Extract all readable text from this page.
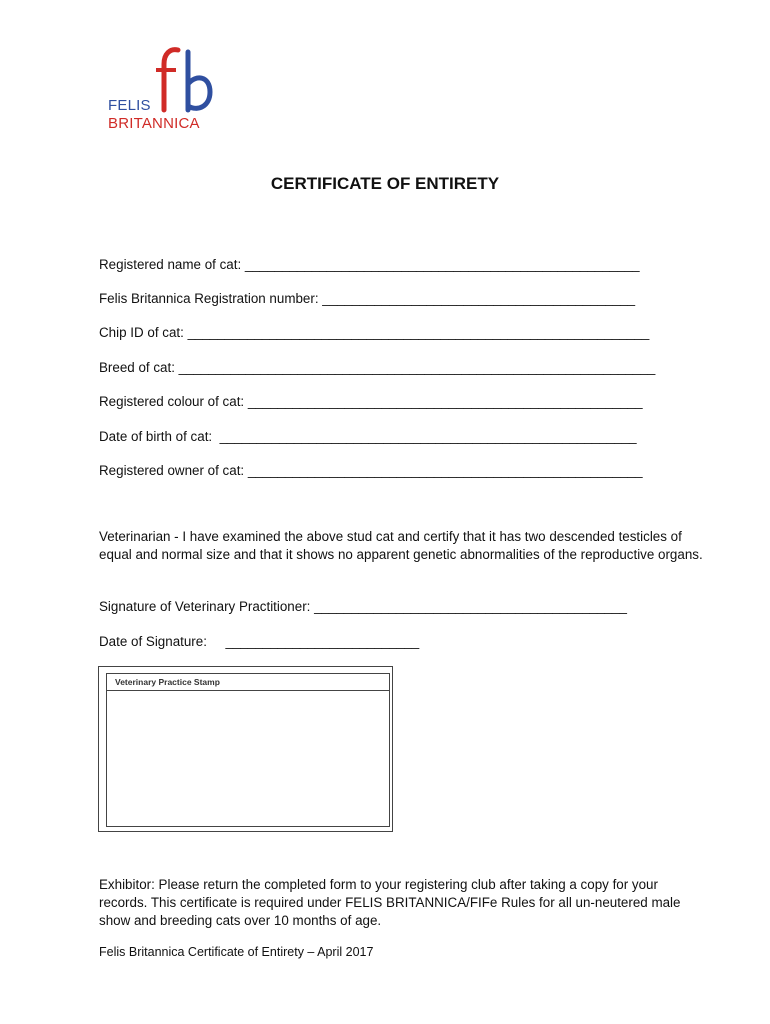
FELIS
BRITANNICA
CERTIFICATE OF ENTIRETY
Registered name of cat: _____________________________________________________
Felis Britannica Registration number: __________________________________________
Chip ID of cat: ______________________________________________________________
Breed of cat: ________________________________________________________________
Registered colour of cat: _____________________________________________________
Date of birth of cat:  ________________________________________________________
Registered owner of cat: _____________________________________________________
Veterinarian - I have examined the above stud cat and certify that it has two descended testicles of equal and normal size and that it shows no apparent genetic abnormalities of the reproductive organs.
Signature of Veterinary Practitioner: __________________________________________
Date of Signature:     __________________________
Veterinary Practice Stamp
Exhibitor: Please return the completed form to your registering club after taking a copy for your records. This certificate is required under FELIS BRITANNICA/FIFe Rules for all un-neutered male show and breeding cats over 10 months of age.
Felis Britannica Certificate of Entirety – April 2017
